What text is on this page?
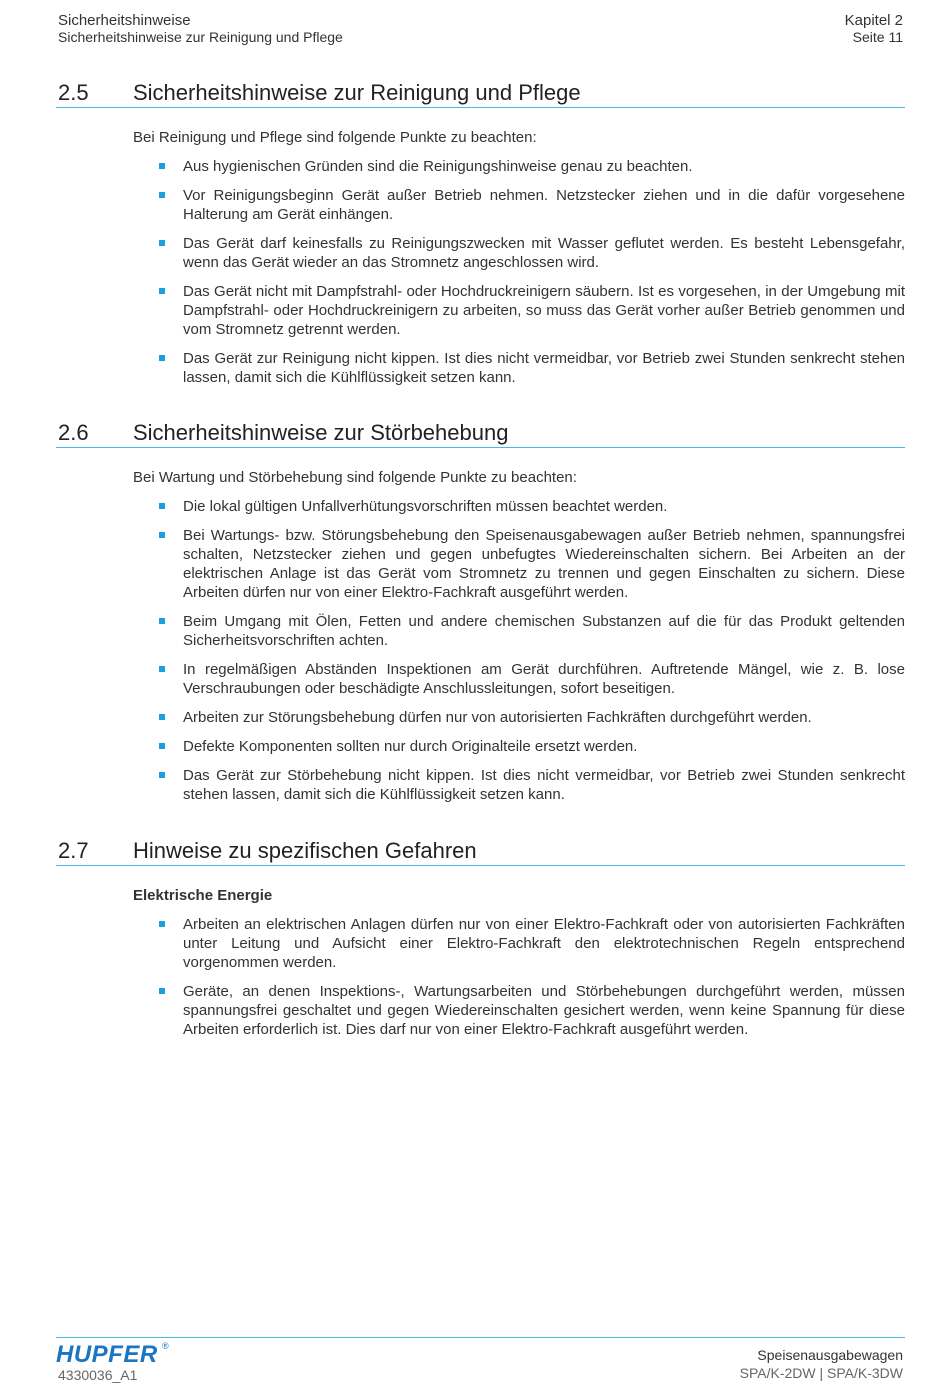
Sicherheitshinweise
Sicherheitshinweise zur Reinigung und Pflege
Kapitel 2
Seite 11
2.5 Sicherheitshinweise zur Reinigung und Pflege
Bei Reinigung und Pflege sind folgende Punkte zu beachten:
Aus hygienischen Gründen sind die Reinigungshinweise genau zu beachten.
Vor Reinigungsbeginn Gerät außer Betrieb nehmen. Netzstecker ziehen und in die dafür vorgesehene Halterung am Gerät einhängen.
Das Gerät darf keinesfalls zu Reinigungszwecken mit Wasser geflutet werden. Es besteht Lebensgefahr, wenn das Gerät wieder an das Stromnetz angeschlossen wird.
Das Gerät nicht mit Dampfstrahl- oder Hochdruckreinigern säubern. Ist es vorgesehen, in der Umgebung mit Dampfstrahl- oder Hochdruckreinigern zu arbeiten, so muss das Gerät vorher außer Betrieb genommen und vom Stromnetz getrennt werden.
Das Gerät zur Reinigung nicht kippen. Ist dies nicht vermeidbar, vor Betrieb zwei Stunden senkrecht stehen lassen, damit sich die Kühlflüssigkeit setzen kann.
2.6 Sicherheitshinweise zur Störbehebung
Bei Wartung und Störbehebung sind folgende Punkte zu beachten:
Die lokal gültigen Unfallverhütungsvorschriften müssen beachtet werden.
Bei Wartungs- bzw. Störungsbehebung den Speisenausgabewagen außer Betrieb nehmen, spannungsfrei schalten, Netzstecker ziehen und gegen unbefugtes Wiedereinschalten sichern. Bei Arbeiten an der elektrischen Anlage ist das Gerät vom Stromnetz zu trennen und gegen Einschalten zu sichern. Diese Arbeiten dürfen nur von einer Elektro-Fachkraft ausgeführt werden.
Beim Umgang mit Ölen, Fetten und andere chemischen Substanzen auf die für das Produkt geltenden Sicherheitsvorschriften achten.
In regelmäßigen Abständen Inspektionen am Gerät durchführen. Auftretende Mängel, wie z. B. lose Verschraubungen oder beschädigte Anschlussleitungen, sofort beseitigen.
Arbeiten zur Störungsbehebung dürfen nur von autorisierten Fachkräften durchgeführt werden.
Defekte Komponenten sollten nur durch Originalteile ersetzt werden.
Das Gerät zur Störbehebung nicht kippen. Ist dies nicht vermeidbar, vor Betrieb zwei Stunden senkrecht stehen lassen, damit sich die Kühlflüssigkeit setzen kann.
2.7 Hinweise zu spezifischen Gefahren
Elektrische Energie
Arbeiten an elektrischen Anlagen dürfen nur von einer Elektro-Fachkraft oder von autorisierten Fachkräften unter Leitung und Aufsicht einer Elektro-Fachkraft den elektrotechnischen Regeln entsprechend vorgenommen werden.
Geräte, an denen Inspektions-, Wartungsarbeiten und Störbehebungen durchgeführt werden, müssen spannungsfrei geschaltet und gegen Wiedereinschalten gesichert werden, wenn keine Spannung für diese Arbeiten erforderlich ist. Dies darf nur von einer Elektro-Fachkraft ausgeführt werden.
HUPFER ®
4330036_A1
Speisenausgabewagen
SPA/K-2DW | SPA/K-3DW
